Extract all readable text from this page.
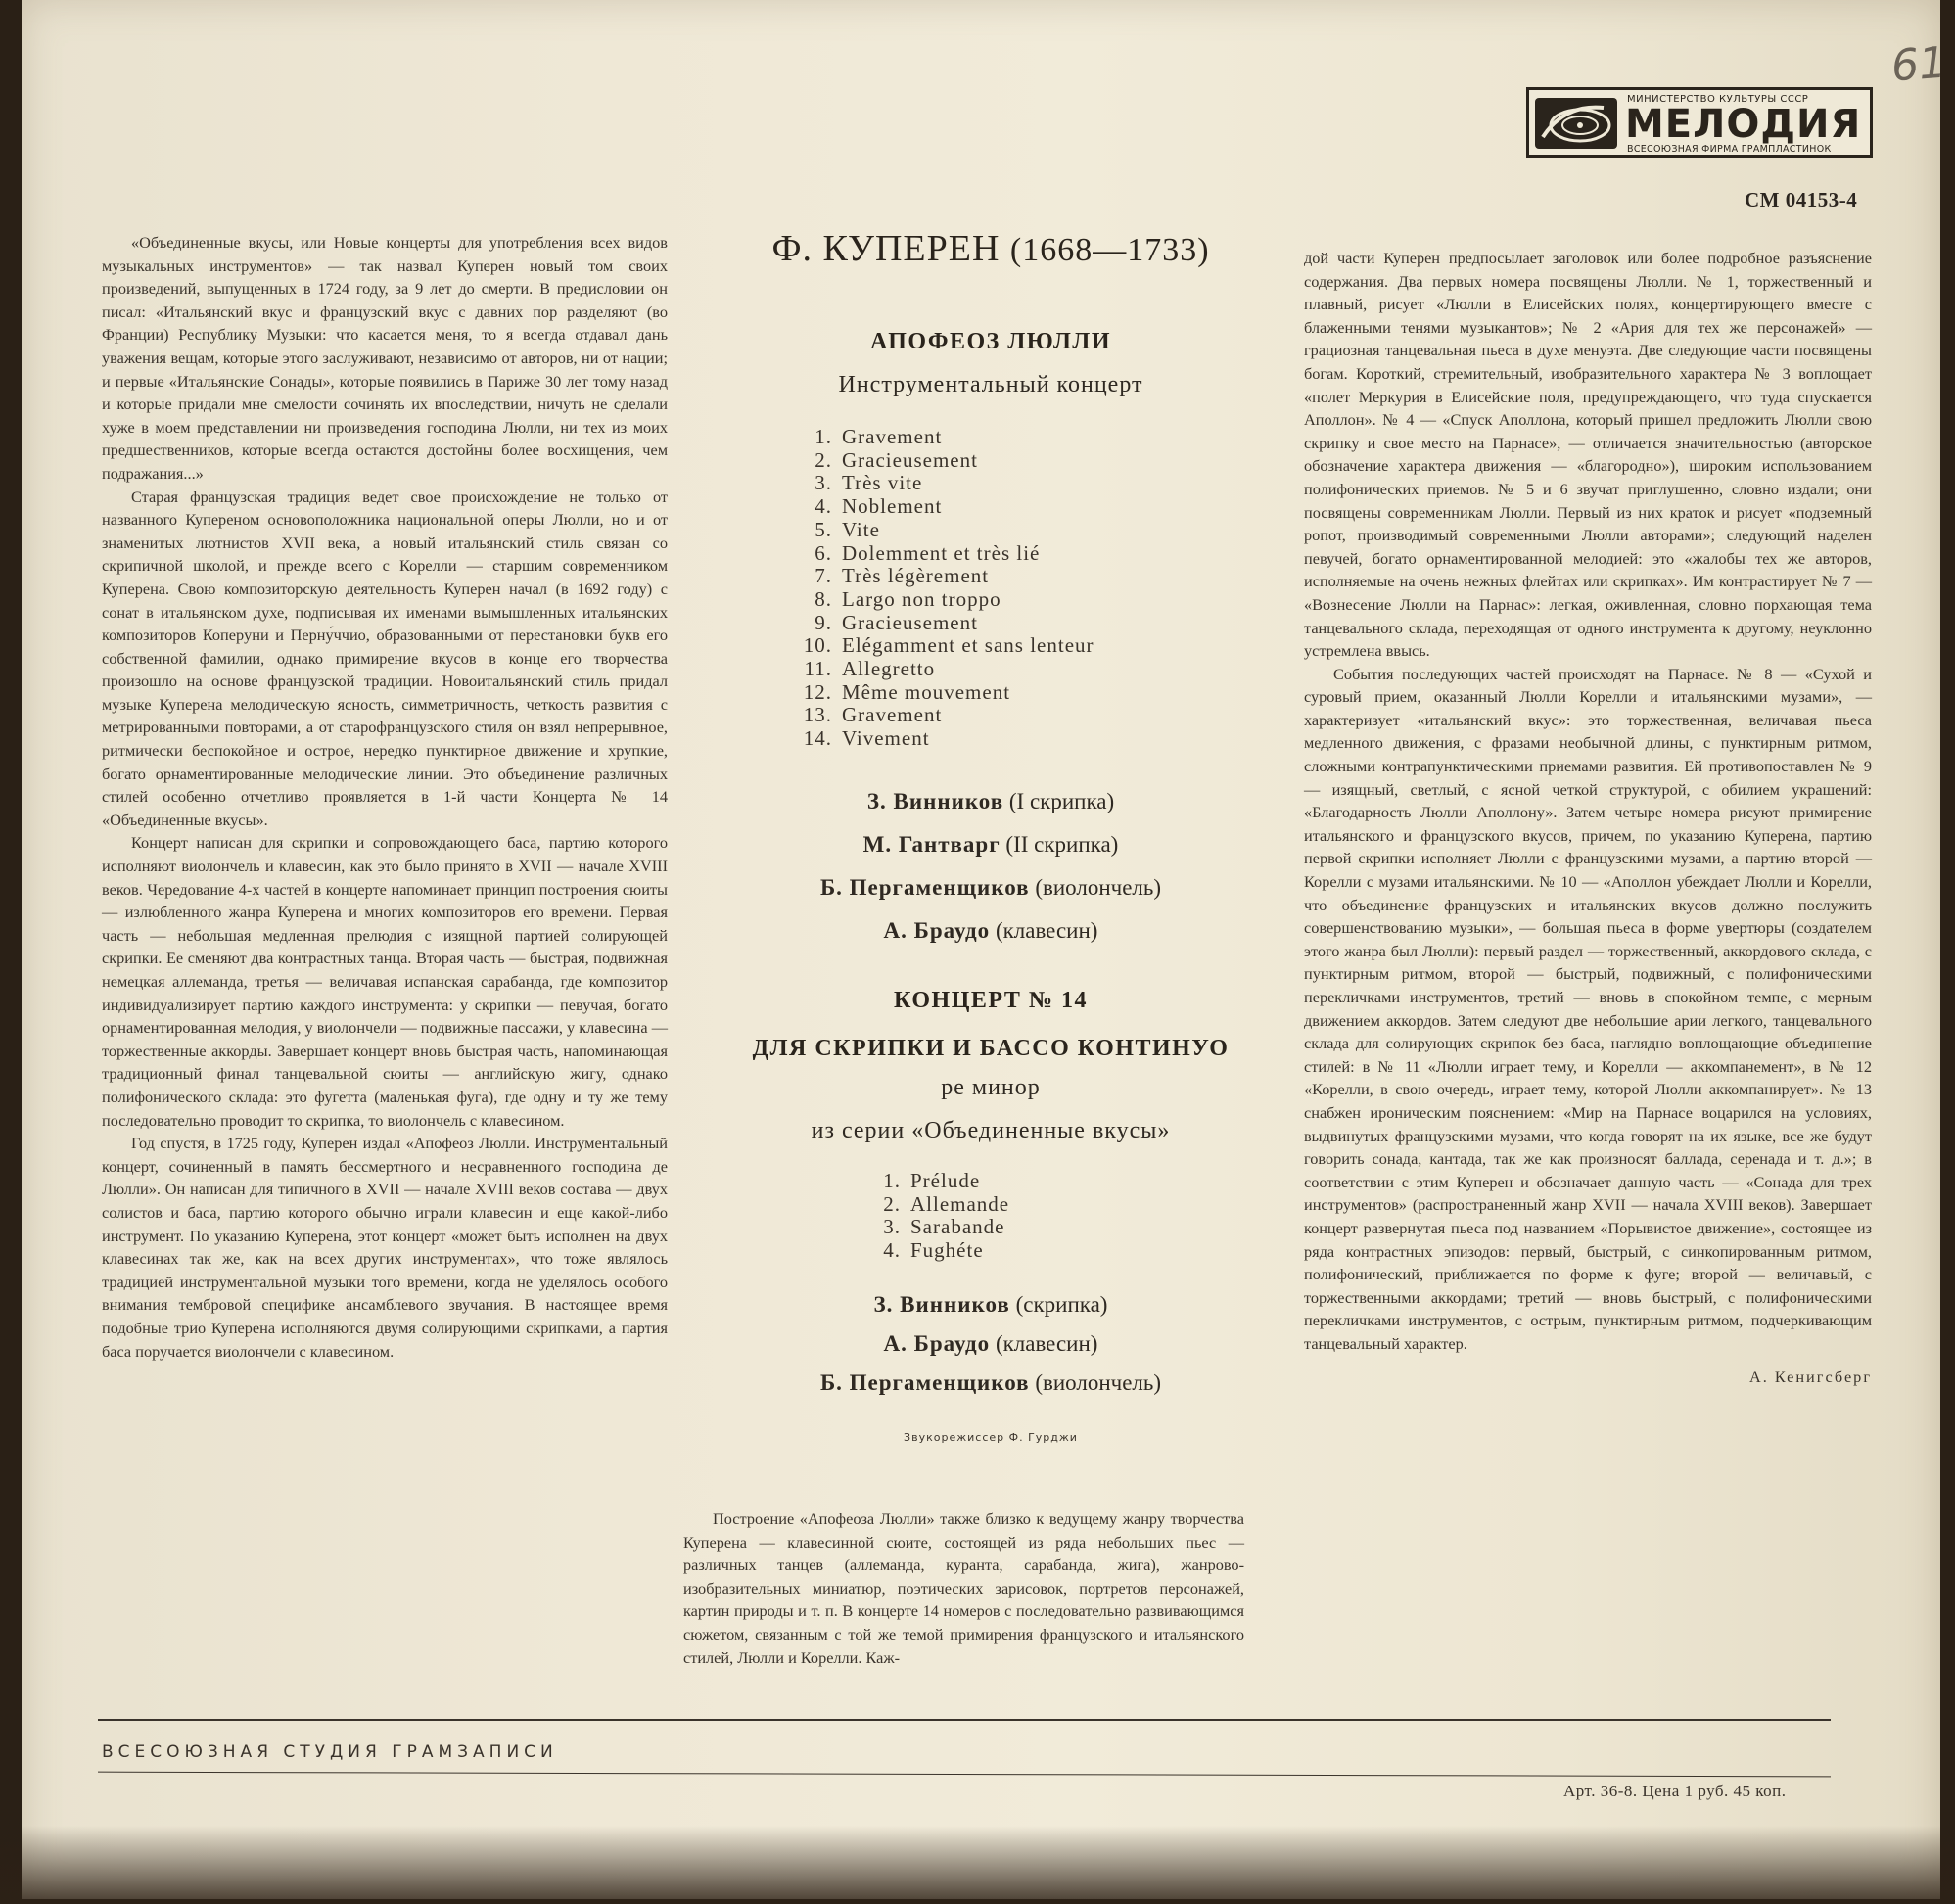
61
МИНИСТЕРСТВО КУЛЬТУРЫ СССР
МЕЛОДИЯ
ВСЕСОЮЗНАЯ ФИРМА ГРАМПЛАСТИНОК
СМ 04153-4

«Объединенные вкусы, или Новые концерты для употребления всех видов музыкальных инструментов» — так назвал Куперен новый том своих произведений, выпущенных в 1724 году, за 9 лет до смерти. В предисловии он писал: «Итальянский вкус и французский вкус с давних пор разделяют (во Франции) Республику Музыки: что касается меня, то я всегда отдавал дань уважения вещам, которые этого заслуживают, независимо от авторов, ни от нации; и первые «Итальянские Сонады», которые появились в Париже 30 лет тому назад и которые придали мне смелости сочинять их впоследствии, ничуть не сделали хуже в моем представлении ни произведения господина Люлли, ни тех из моих предшественников, которые всегда остаются достойны более восхищения, чем подражания...»

Старая французская традиция ведет свое происхождение не только от названного Купереном основоположника национальной оперы Люлли, но и от знаменитых лютнистов XVII века, а новый итальянский стиль связан со скрипичной школой, и прежде всего с Корелли — старшим современником Куперена. Свою композиторскую деятельность Куперен начал (в 1692 году) с сонат в итальянском духе, подписывая их именами вымышленных итальянских композиторов Копеpуни и Перну́ччио, образованными от перестановки букв его собственной фамилии, однако примирение вкусов в конце его творчества произошло на основе французской традиции. Новоитальянский стиль придал музыке Куперена мелодическую ясность, симметричность, четкость развития с метрированными повторами, а от старофранцузского стиля он взял непрерывное, ритмически беспокойное и острое, нередко пунктирное движение и хрупкие, богато орнаментированные мелодические линии. Это объединение различных стилей особенно отчетливо проявляется в 1-й части Концерта № 14 «Объединенные вкусы».

Концерт написан для скрипки и сопровождающего баса, партию которого исполняют виолончель и клавесин, как это было принято в XVII — начале XVIII веков. Чередование 4-х частей в концерте напоминает принцип построения сюиты — излюбленного жанра Куперена и многих композиторов его времени. Первая часть — небольшая медленная прелюдия с изящной партией солирующей скрипки. Ее сменяют два контрастных танца. Вторая часть — быстрая, подвижная немецкая аллеманда, третья — величавая испанская сарабанда, где композитор индивидуализирует партию каждого инструмента: у скрипки — певучая, богато орнаментированная мелодия, у виолончели — подвижные пассажи, у клавесина — торжественные аккорды. Завершает концерт вновь быстрая часть, напоминающая традиционный финал танцевальной сюиты — английскую жигу, однако полифонического склада: это фугетта (маленькая фуга), где одну и ту же тему последовательно проводит то скрипка, то виолончель с клавесином.

Год спустя, в 1725 году, Куперен издал «Апофеоз Люлли. Инструментальный концерт, сочиненный в память бессмертного и несравненного господина де Люлли». Он написан для типичного в XVII — начале XVIII веков состава — двух солистов и баса, партию которого обычно играли клавесин и еще какой-либо инструмент. По указанию Куперена, этот концерт «может быть исполнен на двух клавесинах так же, как на всех других инструментах», что тоже являлось традицией инструментальной музыки того времени, когда не уделялось особого внимания тембровой специфике ансамблевого звучания. В настоящее время подобные трио Куперена исполняются двумя солирующими скрипками, а партия баса поручается виолончели с клавесином.

Ф. КУПЕРЕН (1668—1733)
АПОФЕОЗ ЛЮЛЛИ
Инструментальный концерт
1. Gravement
2. Gracieusement
3. Très vite
4. Noblement
5. Vite
6. Dolemment et très lié
7. Très légèrement
8. Largo non troppo
9. Gracieusement
10. Elégamment et sans lenteur
11. Allegretto
12. Même mouvement
13. Gravement
14. Vivement
З. Винников (I скрипка)
М. Гантварг (II скрипка)
Б. Пергаменщиков (виолончель)
А. Браудо (клавесин)
КОНЦЕРТ № 14
ДЛЯ СКРИПКИ И БАССО КОНТИНУО
ре минор
из серии «Объединенные вкусы»
1. Prélude
2. Allemande
3. Sarabande
4. Fughéte
З. Винников (скрипка)
А. Браудо (клавесин)
Б. Пергаменщиков (виолончель)
Звукорежиссер Ф. Гурджи

Построение «Апофеоза Люлли» также близко к ведущему жанру творчества Куперена — клавесинной сюите, состоящей из ряда небольших пьес — различных танцев (аллеманда, куранта, сарабанда, жига), жанрово-изобразительных миниатюр, поэтических зарисовок, портретов персонажей, картин природы и т. п. В концерте 14 номеров с последовательно развивающимся сюжетом, связанным с той же темой примирения французского и итальянского стилей, Люлли и Корелли. Каж-

дой части Куперен предпосылает заголовок или более подробное разъяснение содержания. Два первых номера посвящены Люлли. № 1, торжественный и плавный, рисует «Люлли в Елисейских полях, концертирующего вместе с блаженными тенями музыкантов»; № 2 «Ария для тех же персонажей» — грациозная танцевальная пьеса в духе менуэта. Две следующие части посвящены богам. Короткий, стремительный, изобразительного характера № 3 воплощает «полет Меркурия в Елисейские поля, предупреждающего, что туда спускается Аполлон». № 4 — «Спуск Аполлона, который пришел предложить Люлли свою скрипку и свое место на Парнасе», — отличается значительностью (авторское обозначение характера движения — «благородно»), широким использованием полифонических приемов. № 5 и 6 звучат приглушенно, словно издали; они посвящены современникам Люлли. Первый из них краток и рисует «подземный ропот, производимый современными Люлли авторами»; следующий наделен певучей, богато орнаментированной мелодией: это «жалобы тех же авторов, исполняемые на очень нежных флейтах или скрипках». Им контрастирует № 7 — «Вознесение Люлли на Парнас»: легкая, оживленная, словно порхающая тема танцевального склада, переходящая от одного инструмента к другому, неуклонно устремлена ввысь.

События последующих частей происходят на Парнасе. № 8 — «Сухой и суровый прием, оказанный Люлли Корелли и итальянскими музами», — характеризует «итальянский вкус»: это торжественная, величавая пьеса медленного движения, с фразами необычной длины, с пунктирным ритмом, сложными контрапунктическими приемами развития. Ей противопоставлен № 9 — изящный, светлый, с ясной четкой структурой, с обилием украшений: «Благодарность Люлли Аполлону». Затем четыре номера рисуют примирение итальянского и французского вкусов, причем, по указанию Куперена, партию первой скрипки исполняет Люлли с французскими музами, а партию второй — Корелли с музами итальянскими. № 10 — «Аполлон убеждает Люлли и Корелли, что объединение французских и итальянских вкусов должно послужить совершенствованию музыки», — большая пьеса в форме увертюры (создателем этого жанра был Люлли): первый раздел — торжественный, аккордового склада, с пунктирным ритмом, второй — быстрый, подвижный, с полифоническими перекличками инструментов, третий — вновь в спокойном темпе, с мерным движением аккордов. Затем следуют две небольшие арии легкого, танцевального склада для солирующих скрипок без баса, наглядно воплощающие объединение стилей: в № 11 «Люлли играет тему, и Корелли — аккомпанемент», в № 12 «Корелли, в свою очередь, играет тему, которой Люлли аккомпанирует». № 13 снабжен ироническим пояснением: «Мир на Парнасе воцарился на условиях, выдвинутых французскими музами, что когда говорят на их языке, все же будут говорить сонада, кантада, так же как произносят баллада, серенада и т. д.»; в соответствии с этим Куперен и обозначает данную часть — «Сонада для трех инструментов» (распространенный жанр XVII — начала XVIII веков). Завершает концерт развернутая пьеса под названием «Порывистое движение», состоящее из ряда контрастных эпизодов: первый, быстрый, с синкопированным ритмом, полифонический, приближается по форме к фуге; второй — величавый, с торжественными аккордами; третий — вновь быстрый, с полифоническими перекличками инструментов, с острым, пунктирным ритмом, подчеркивающим танцевальный характер.

А. Кенигсберг
ВСЕСОЮЗНАЯ СТУДИЯ ГРАМЗАПИСИ
Арт. 36-8. Цена 1 руб. 45 коп.
